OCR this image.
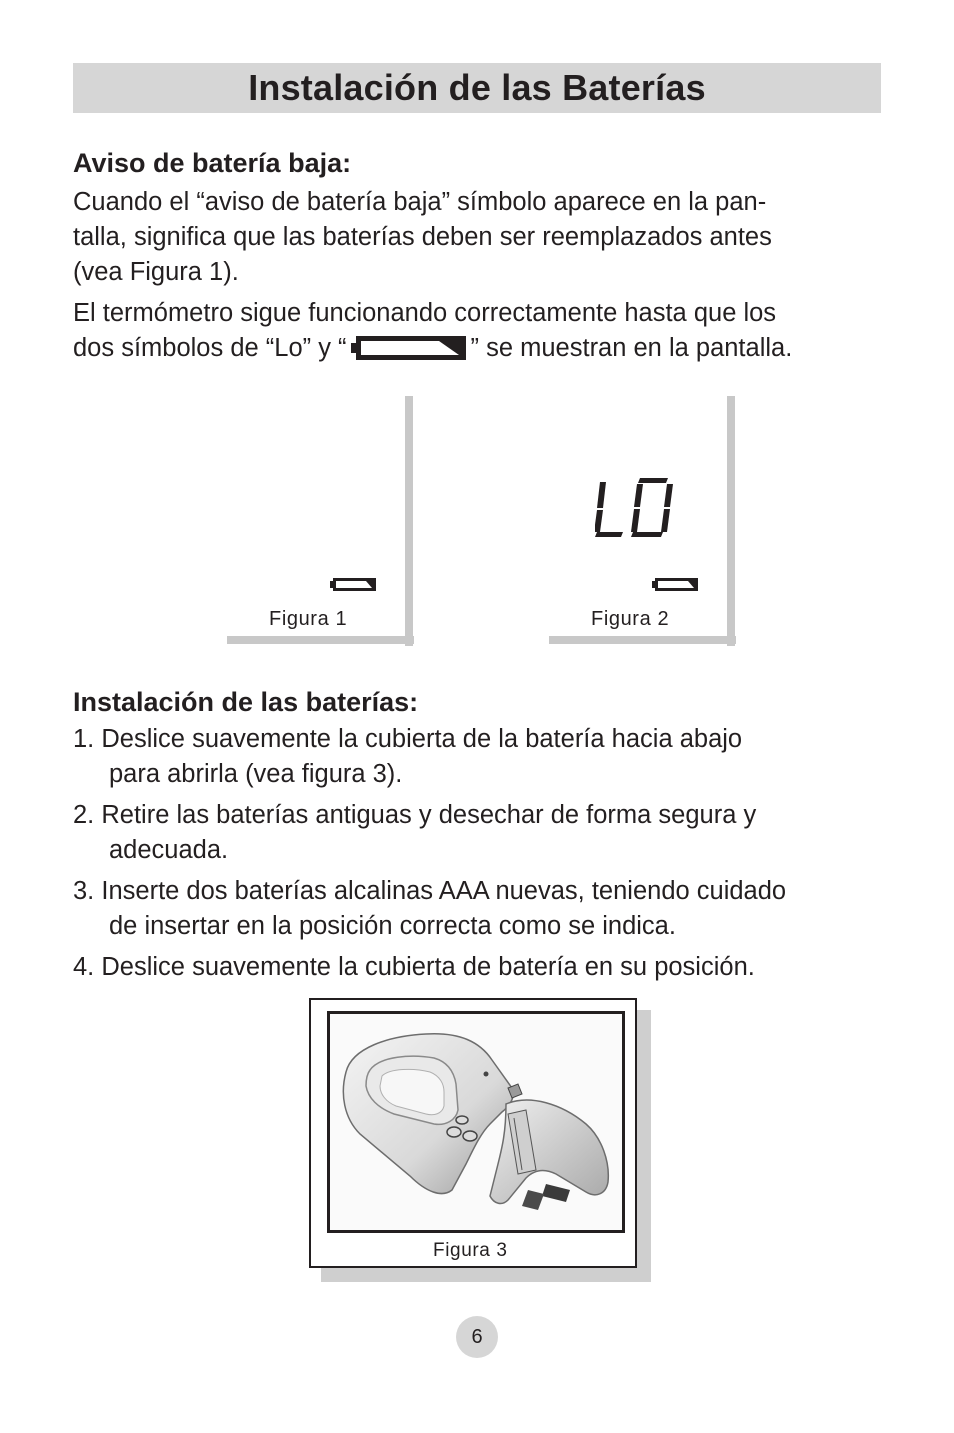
Instalación de las Baterías
Aviso de batería baja:
Cuando el “aviso de batería baja” símbolo aparece en la pan-
talla, significa que las baterías deben ser reemplazados antes
(vea Figura 1).
El termómetro sigue funcionando correctamente hasta que los
dos símbolos de “Lo” y “	” se muestran en la pantalla.
Figura 1	Figura 2
Instalación de las baterías:
1. Deslice suavemente la cubierta de la batería hacia abajo
para abrirla (vea figura 3).
2. Retire las baterías antiguas y desechar de forma segura y
adecuada.
3. Inserte dos baterías alcalinas AAA nuevas, teniendo cuidado
de insertar en la posición correcta como se indica.
4. Deslice suavemente la cubierta de batería en su posición.
Figura 3
6
